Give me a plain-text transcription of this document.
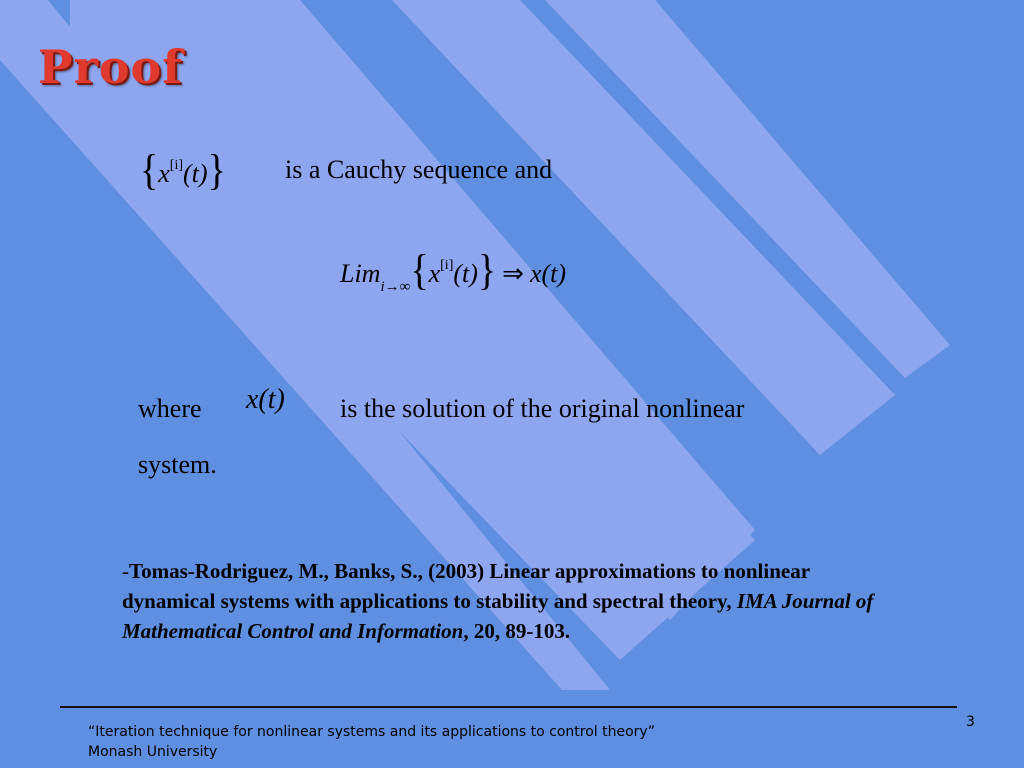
Proof
{x[i](t)} is a Cauchy sequence and
Lim$_{i\to\infty}${x[i](t)} ⇒ x(t)
where x(t) is the solution of the original nonlinear
system.
-Tomas-Rodriguez, M., Banks, S., (2003) Linear approximations to nonlinear dynamical systems with applications to stability and spectral theory, IMA Journal of Mathematical Control and Information, 20, 89-103.
“Iteration technique for nonlinear systems and its applications to control theory”
Monash University
3
